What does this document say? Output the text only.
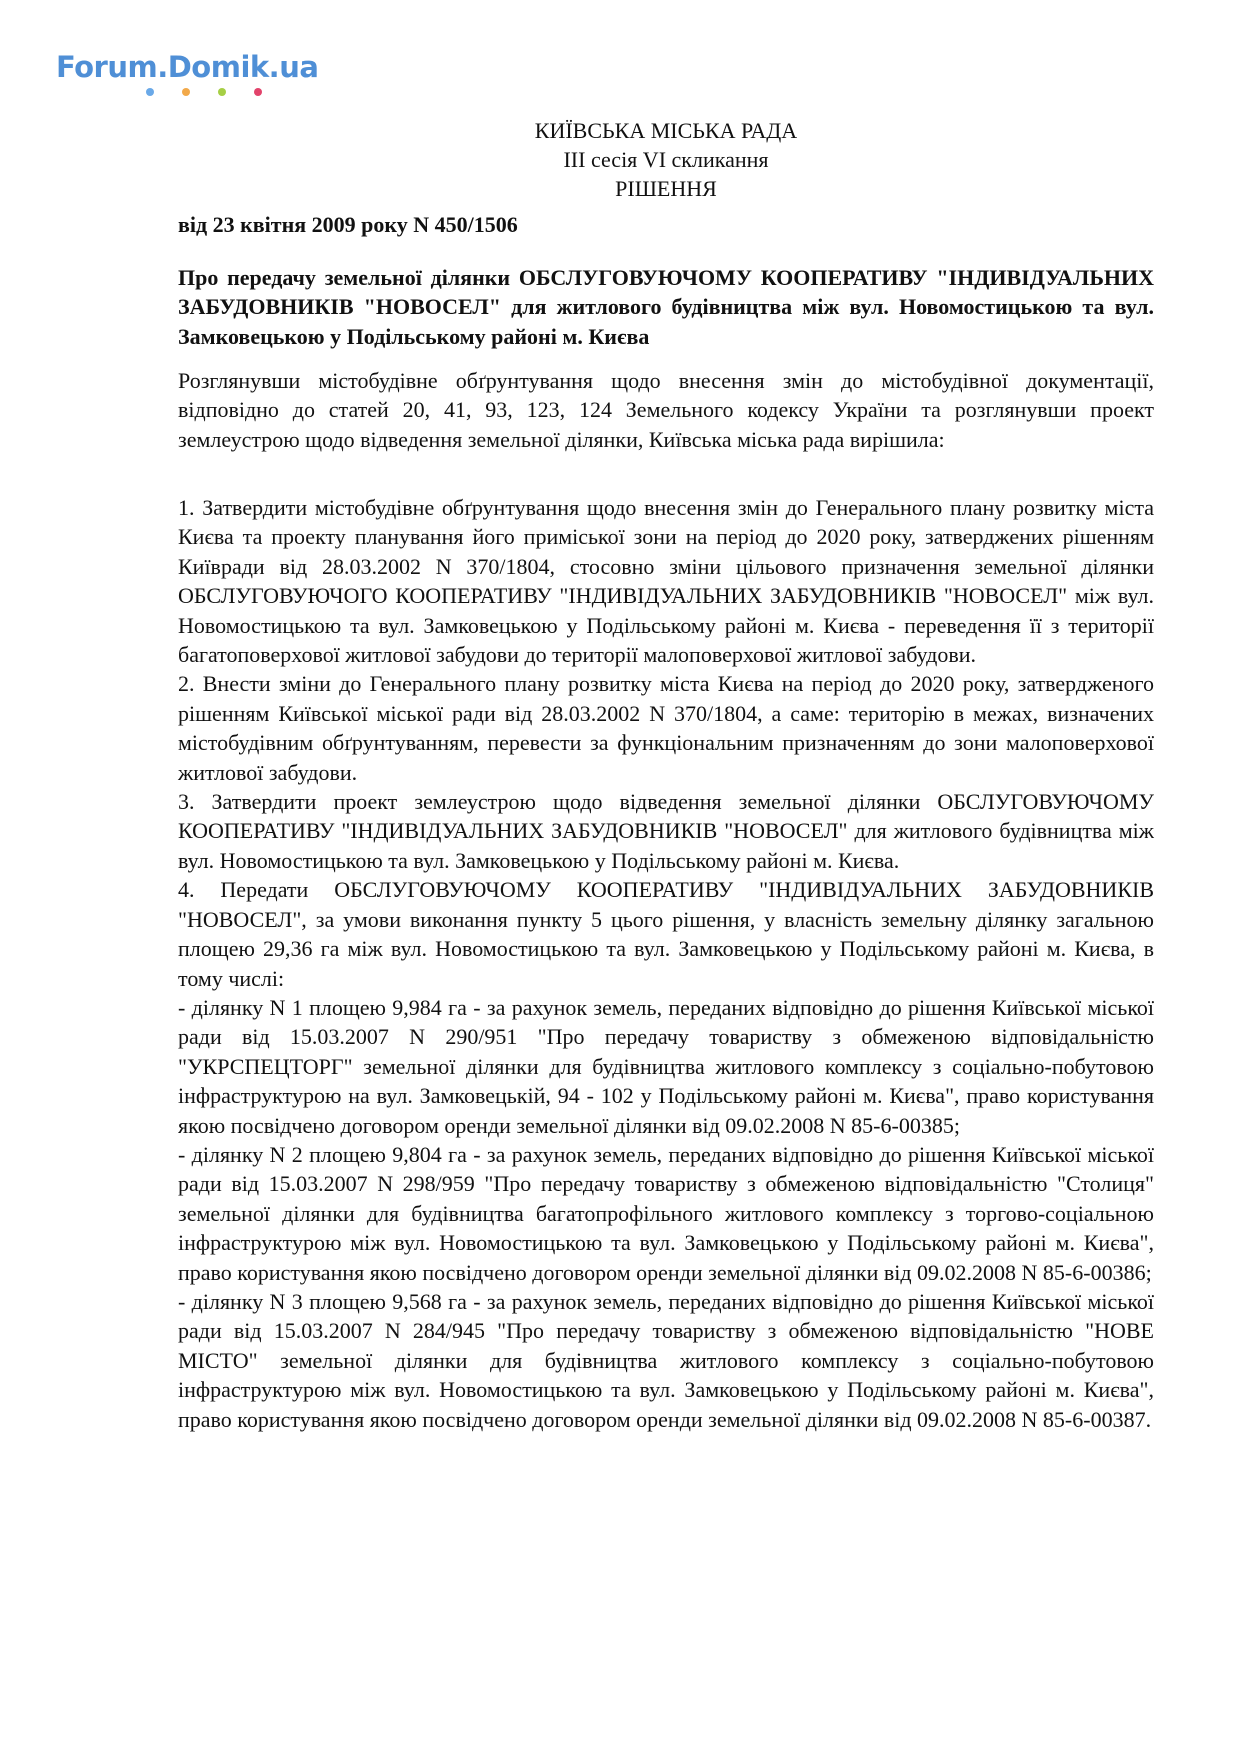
Forum.Domik.ua
КИЇВСЬКА МІСЬКА РАДА
III сесія VI скликання
РІШЕННЯ
від 23 квітня 2009 року N 450/1506
Про передачу земельної ділянки ОБСЛУГОВУЮЧОМУ КООПЕРАТИВУ "ІНДИВІДУАЛЬНИХ ЗАБУДОВНИКІВ "НОВОСЕЛ" для житлового будівництва між вул. Новомостицькою та вул. Замковецькою у Подільському районі м. Києва
Розглянувши містобудівне обґрунтування щодо внесення змін до містобудівної документації, відповідно до статей 20, 41, 93, 123, 124 Земельного кодексу України та розглянувши проект землеустрою щодо відведення земельної ділянки, Київська міська рада вирішила:

1. Затвердити містобудівне обґрунтування щодо внесення змін до Генерального плану розвитку міста Києва та проекту планування його приміської зони на період до 2020 року, затверджених рішенням Київради від 28.03.2002 N 370/1804, стосовно зміни цільового призначення земельної ділянки ОБСЛУГОВУЮЧОГО КООПЕРАТИВУ "ІНДИВІДУАЛЬНИХ ЗАБУДОВНИКІВ "НОВОСЕЛ" між вул. Новомостицькою та вул. Замковецькою у Подільському районі м. Києва - переведення її з території багатоповерхової житлової забудови до території малоповерхової житлової забудови.

2. Внести зміни до Генерального плану розвитку міста Києва на період до 2020 року, затвердженого рішенням Київської міської ради від 28.03.2002 N 370/1804, а саме: територію в межах, визначених містобудівним обґрунтуванням, перевести за функціональним призначенням до зони малоповерхової житлової забудови.

3. Затвердити проект землеустрою щодо відведення земельної ділянки ОБСЛУГОВУЮЧОМУ КООПЕРАТИВУ "ІНДИВІДУАЛЬНИХ ЗАБУДОВНИКІВ "НОВОСЕЛ" для житлового будівництва між вул. Новомостицькою та вул. Замковецькою у Подільському районі м. Києва.

4. Передати ОБСЛУГОВУЮЧОМУ КООПЕРАТИВУ "ІНДИВІДУАЛЬНИХ ЗАБУДОВНИКІВ "НОВОСЕЛ", за умови виконання пункту 5 цього рішення, у власність земельну ділянку загальною площею 29,36 га між вул. Новомостицькою та вул. Замковецькою у Подільському районі м. Києва, в тому числі:

- ділянку N 1 площею 9,984 га - за рахунок земель, переданих відповідно до рішення Київської міської ради від 15.03.2007 N 290/951 "Про передачу товариству з обмеженою відповідальністю "УКРСПЕЦТОРГ" земельної ділянки для будівництва житлового комплексу з соціально-побутовою інфраструктурою на вул. Замковецькій, 94 - 102 у Подільському районі м. Києва", право користування якою посвідчено договором оренди земельної ділянки від 09.02.2008 N 85-6-00385;

- ділянку N 2 площею 9,804 га - за рахунок земель, переданих відповідно до рішення Київської міської ради від 15.03.2007 N 298/959 "Про передачу товариству з обмеженою відповідальністю "Столиця" земельної ділянки для будівництва багатопрофільного житлового комплексу з торгово-соціальною інфраструктурою між вул. Новомостицькою та вул. Замковецькою у Подільському районі м. Києва", право користування якою посвідчено договором оренди земельної ділянки від 09.02.2008 N 85-6-00386;

- ділянку N 3 площею 9,568 га - за рахунок земель, переданих відповідно до рішення Київської міської ради від 15.03.2007 N 284/945 "Про передачу товариству з обмеженою відповідальністю "НОВЕ МІСТО" земельної ділянки для будівництва житлового комплексу з соціально-побутовою інфраструктурою між вул. Новомостицькою та вул. Замковецькою у Подільському районі м. Києва", право користування якою посвідчено договором оренди земельної ділянки від 09.02.2008 N 85-6-00387.
